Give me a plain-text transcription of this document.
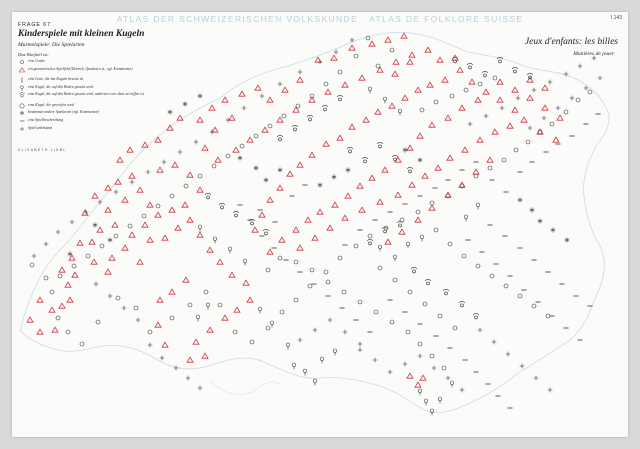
ATLAS DER SCHWEIZERISCHEN VOLKSKUNDE · ATLAS DE FOLKLORE SUISSE	I 143
FRAGE 67
Kinderspiele mit kleinen Kugeln
Murmelspiele: Die Spielarten
Das Wurfziel ist:
eine Grube
ein geometrisches Spielfeld (Dreieck, Quadrat u.ä., vgl. Kommentar)
eine Linie, die mit Kugeln besetzt ist
eine Kugel, die auf den Boden gesetzt wird
eine Kugel, die auf den Boden gesetzt wird, anderswo von oben zu treffen ist
eine Kugel, die geworfen wird
bestimmte andere Spielarten (vgl. Kommentar)
eine Spielbeschreibung
Spiel unbekannt
ELISABETH LIEBL
Jeux d'enfants: les billes
Manières de jouer
